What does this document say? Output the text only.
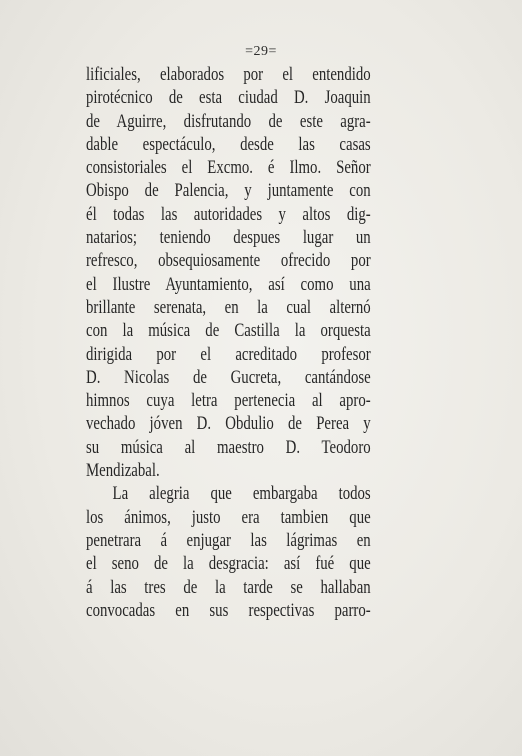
=29=
lificiales, elaborados por el entendido
pirotécnico de esta ciudad D. Joaquin
de Aguirre, disfrutando de este agra-
dable espectáculo, desde las casas
consistoriales el Excmo. é Ilmo. Señor
Obispo de Palencia, y juntamente con
él todas las autoridades y altos dig-
natarios; teniendo despues lugar un
refresco, obsequiosamente ofrecido por
el Ilustre Ayuntamiento, así como una
brillante serenata, en la cual alternó
con la música de Castilla la orquesta
dirigida por el acreditado profesor
D. Nicolas de Gucreta, cantándose
himnos cuya letra pertenecia al apro-
vechado jóven D. Obdulio de Perea y
su música al maestro D. Teodoro
Mendizabal.
La alegria que embargaba todos
los ánimos, justo era tambien que
penetrara á enjugar las lágrimas en
el seno de la desgracia: así fué que
á las tres de la tarde se hallaban
convocadas en sus respectivas parro-
